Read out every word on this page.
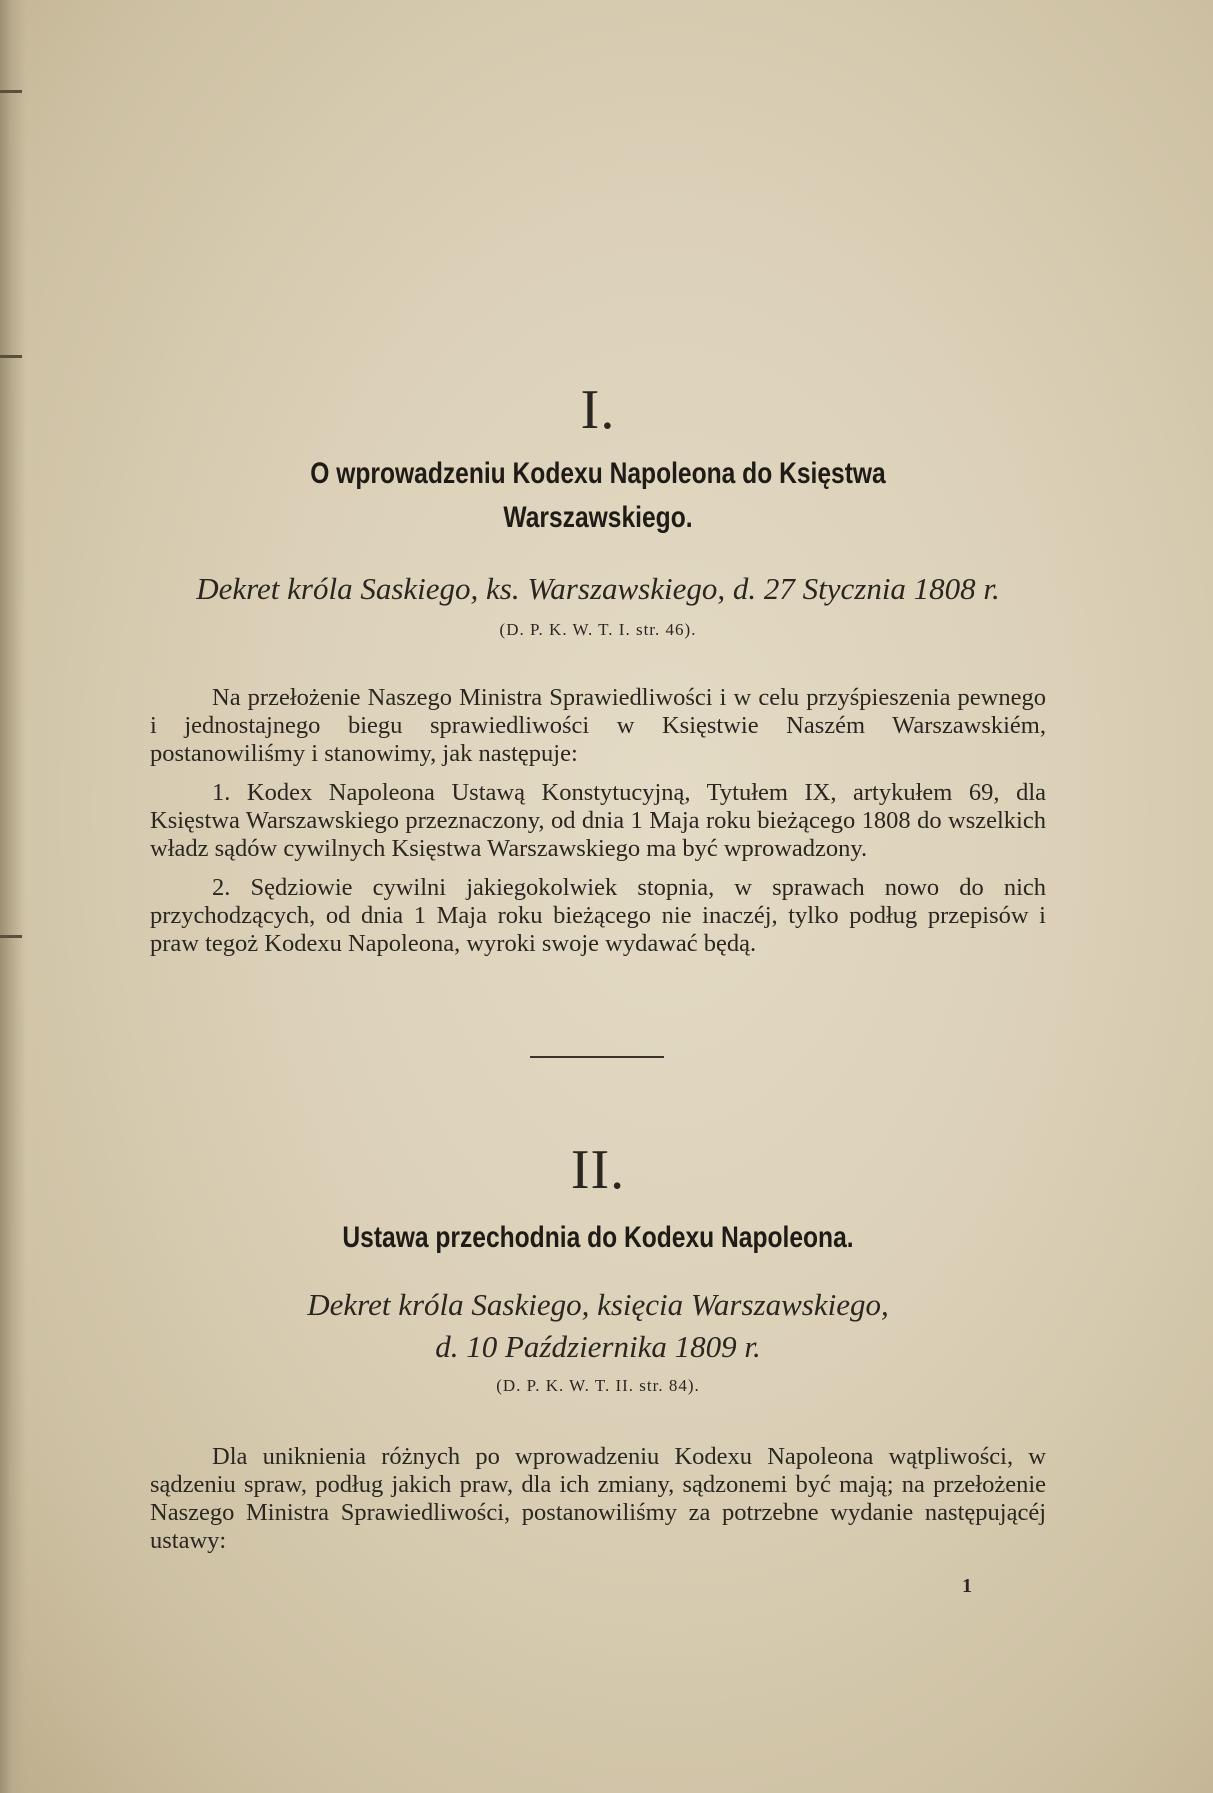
I.
O wprowadzeniu Kodexu Napoleona do Księstwa
Warszawskiego.
Dekret króla Saskiego, ks. Warszawskiego, d. 27 Stycznia 1808 r.
(D. P. K. W. T. I. str. 46).

Na przełożenie Naszego Ministra Sprawiedliwości i w celu przyśpieszenia pewnego i jednostajnego biegu sprawiedliwości w Księstwie Naszém Warszawskiém, postanowiliśmy i stanowimy, jak następuje:

1. Kodex Napoleona Ustawą Konstytucyjną, Tytułem IX, artykułem 69, dla Księstwa Warszawskiego przeznaczony, od dnia 1 Maja roku bieżącego 1808 do wszelkich władz sądów cywilnych Księstwa Warszawskiego ma być wprowadzony.

2. Sędziowie cywilni jakiegokolwiek stopnia, w sprawach nowo do nich przychodzących, od dnia 1 Maja roku bieżącego nie inaczéj, tylko podług przepisów i praw tegoż Kodexu Napoleona, wyroki swoje wydawać będą.

II.
Ustawa przechodnia do Kodexu Napoleona.
Dekret króla Saskiego, księcia Warszawskiego,
d. 10 Października 1809 r.
(D. P. K. W. T. II. str. 84).

Dla uniknienia różnych po wprowadzeniu Kodexu Napoleona wątpliwości, w sądzeniu spraw, podług jakich praw, dla ich zmiany, sądzonemi być mają; na przełożenie Naszego Ministra Sprawiedliwości, postanowiliśmy za potrzebne wydanie następującéj ustawy:

1
